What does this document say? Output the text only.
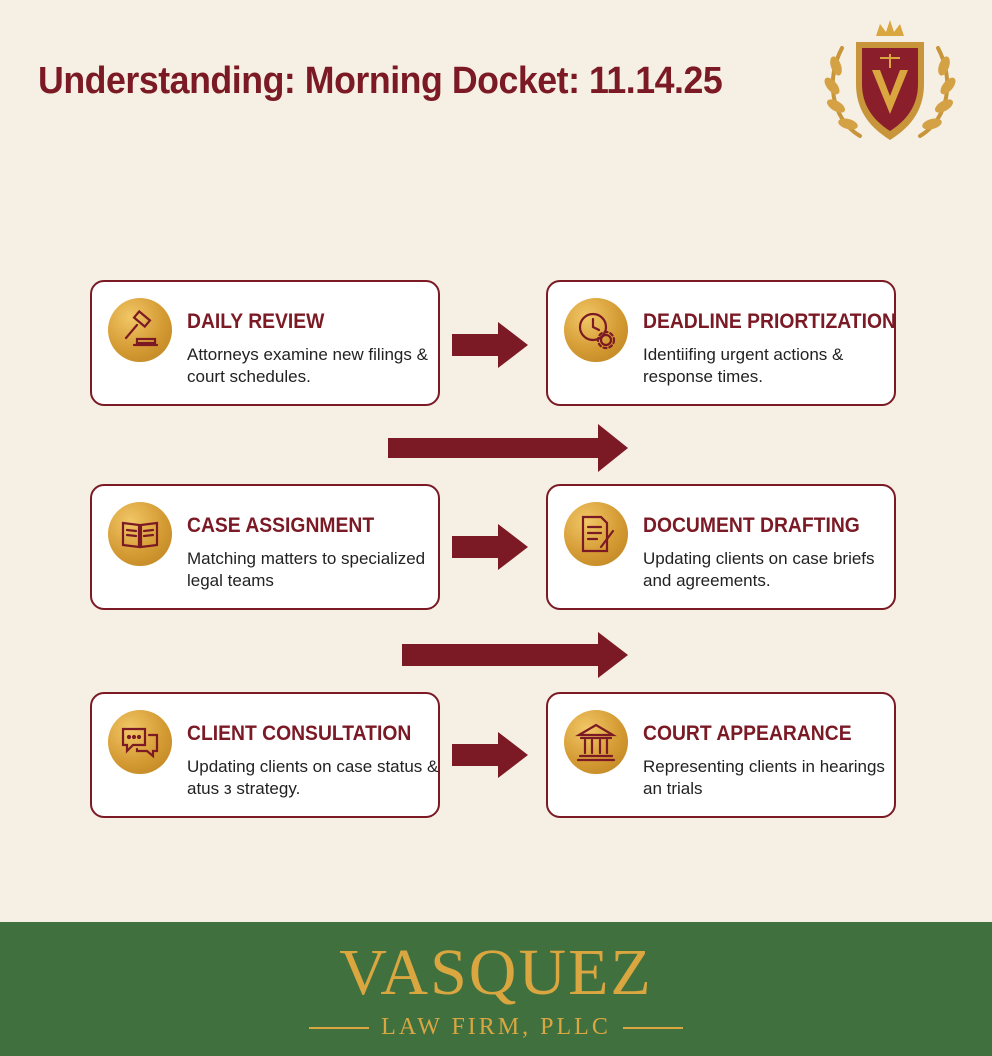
Understanding: Morning Docket: 11.14.25
DAILY REVIEW
Attorneys examine new filings & court schedules.
DEADLINE PRIORTIZATION
Identiifing urgent actions & response times.
CASE ASSIGNMENT
Matching matters to specialized legal teams
DOCUMENT DRAFTING
Updating clients on case briefs and agreements.
CLIENT CONSULTATION
Updating clients on case status & atus з strategy.
COURT APPEARANCE
Representing clients in hearings an trials
VASQUEZ
LAW FIRM, PLLC
